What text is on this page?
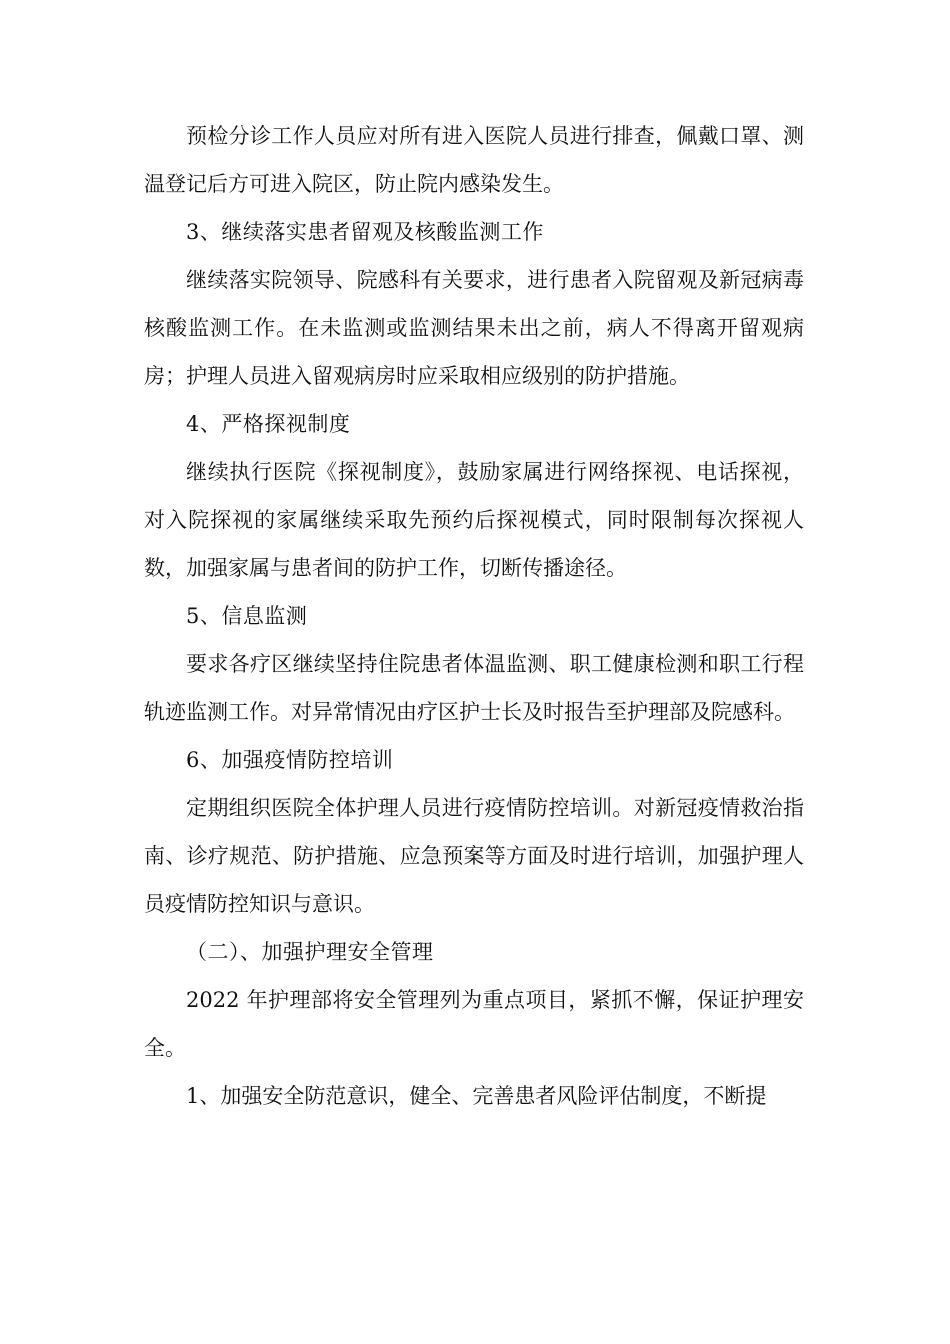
预检分诊工作人员应对所有进入医院人员进行排查，佩戴口罩、测温登记后方可进入院区，防止院内感染发生。

3、继续落实患者留观及核酸监测工作

继续落实院领导、院感科有关要求，进行患者入院留观及新冠病毒核酸监测工作。在未监测或监测结果未出之前，病人不得离开留观病房；护理人员进入留观病房时应采取相应级别的防护措施。

4、严格探视制度

继续执行医院《探视制度》，鼓励家属进行网络探视、电话探视，对入院探视的家属继续采取先预约后探视模式，同时限制每次探视人数，加强家属与患者间的防护工作，切断传播途径。

5、信息监测

要求各疗区继续坚持住院患者体温监测、职工健康检测和职工行程轨迹监测工作。对异常情况由疗区护士长及时报告至护理部及院感科。

6、加强疫情防控培训

定期组织医院全体护理人员进行疫情防控培训。对新冠疫情救治指南、诊疗规范、防护措施、应急预案等方面及时进行培训，加强护理人员疫情防控知识与意识。

（二）、加强护理安全管理

2022 年护理部将安全管理列为重点项目，紧抓不懈，保证护理安全。

1、加强安全防范意识，健全、完善患者风险评估制度，不断提
